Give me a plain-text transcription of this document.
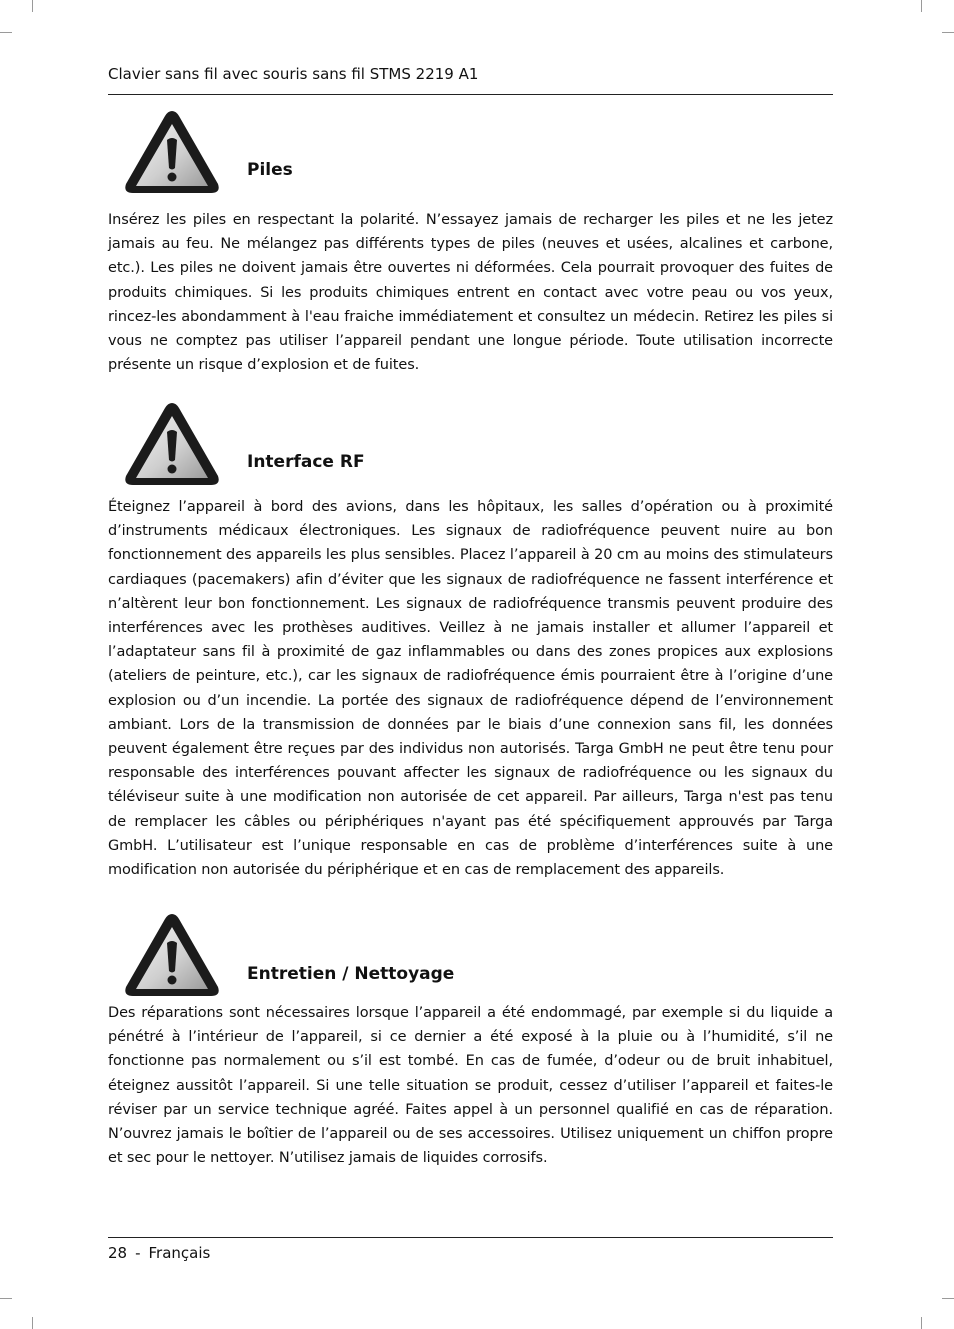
Clavier sans fil avec souris sans fil STMS 2219 A1
Piles

Insérez les piles en respectant la polarité. N’essayez jamais de recharger les piles et ne les jetez jamais au feu. Ne mélangez pas différents types de piles (neuves et usées, alcalines et carbone, etc.). Les piles ne doivent jamais être ouvertes ni déformées. Cela pourrait provoquer des fuites de produits chimiques. Si les produits chimiques entrent en contact avec votre peau ou vos yeux, rincez-les abondamment à l'eau fraiche immédiatement et consultez un médecin. Retirez les piles si vous ne comptez pas utiliser l’appareil pendant une longue période. Toute utilisation incorrecte présente un risque d’explosion et de fuites.

Interface RF

Éteignez l’appareil à bord des avions, dans les hôpitaux, les salles d’opération ou à proximité d’instruments médicaux électroniques. Les signaux de radiofréquence peuvent nuire au bon fonctionnement des appareils les plus sensibles. Placez l’appareil à 20 cm au moins des stimulateurs cardiaques (pacemakers) afin d’éviter que les signaux de radiofréquence ne fassent interférence et n’altèrent leur bon fonctionnement. Les signaux de radiofréquence transmis peuvent produire des interférences avec les prothèses auditives. Veillez à ne jamais installer et allumer l’appareil et l’adaptateur sans fil à proximité de gaz inflammables ou dans des zones propices aux explosions (ateliers de peinture, etc.), car les signaux de radiofréquence émis pourraient être à l’origine d’une explosion ou d’un incendie. La portée des signaux de radiofréquence dépend de l’environnement ambiant. Lors de la transmission de données par le biais d’une connexion sans fil, les données peuvent également être reçues par des individus non autorisés. Targa GmbH ne peut être tenu pour responsable des interférences pouvant affecter les signaux de radiofréquence ou les signaux du téléviseur suite à une modification non autorisée de cet appareil. Par ailleurs, Targa n'est pas tenu de remplacer les câbles ou périphériques n'ayant pas été spécifiquement approuvés par Targa GmbH. L’utilisateur est l’unique responsable en cas de problème d’interférences suite à une modification non autorisée du périphérique et en cas de remplacement des appareils.

Entretien / Nettoyage

Des réparations sont nécessaires lorsque l’appareil a été endommagé, par exemple si du liquide a pénétré à l’intérieur de l’appareil, si ce dernier a été exposé à la pluie ou à l’humidité, s’il ne fonctionne pas normalement ou s’il est tombé. En cas de fumée, d’odeur ou de bruit inhabituel, éteignez aussitôt l’appareil. Si une telle situation se produit, cessez d’utiliser l’appareil et faites-le réviser par un service technique agréé. Faites appel à un personnel qualifié en cas de réparation. N’ouvrez jamais le boîtier de l’appareil ou de ses accessoires. Utilisez uniquement un chiffon propre et sec pour le nettoyer. N’utilisez jamais de liquides corrosifs.

28 - Français
